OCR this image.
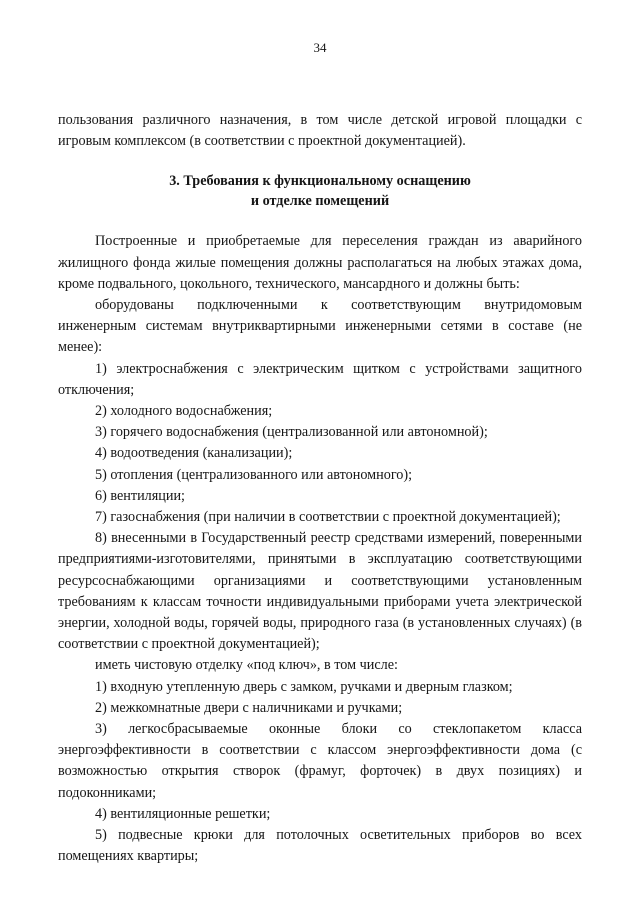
34

пользования различного назначения, в том числе детской игровой площадки с игровым комплексом (в соответствии с проектной документацией).

3. Требования к функциональному оснащению
и отделке помещений

Построенные и приобретаемые для переселения граждан из аварийного жилищного фонда жилые помещения должны располагаться на любых этажах дома, кроме подвального, цокольного, технического, мансардного и должны быть:

оборудованы подключенными к соответствующим внутридомовым инженерным системам внутриквартирными инженерными сетями в составе (не менее):

1) электроснабжения с электрическим щитком с устройствами защитного отключения;

2) холодного водоснабжения;

3) горячего водоснабжения (централизованной или автономной);

4) водоотведения (канализации);

5) отопления (централизованного или автономного);

6) вентиляции;

7) газоснабжения (при наличии в соответствии с проектной документацией);

8) внесенными в Государственный реестр средствами измерений, поверенными предприятиями-изготовителями, принятыми в эксплуатацию соответствующими ресурсоснабжающими организациями и соответствующими установленным требованиям к классам точности индивидуальными приборами учета электрической энергии, холодной воды, горячей воды, природного газа (в установленных случаях) (в соответствии с проектной документацией);

иметь чистовую отделку «под ключ», в том числе:

1) входную утепленную дверь с замком, ручками и дверным глазком;

2) межкомнатные двери с наличниками и ручками;

3) легкосбрасываемые оконные блоки со стеклопакетом класса энергоэффективности в соответствии с классом энергоэффективности дома (с возможностью открытия створок (фрамуг, форточек) в двух позициях) и подоконниками;

4) вентиляционные решетки;

5) подвесные крюки для потолочных осветительных приборов во всех помещениях квартиры;
